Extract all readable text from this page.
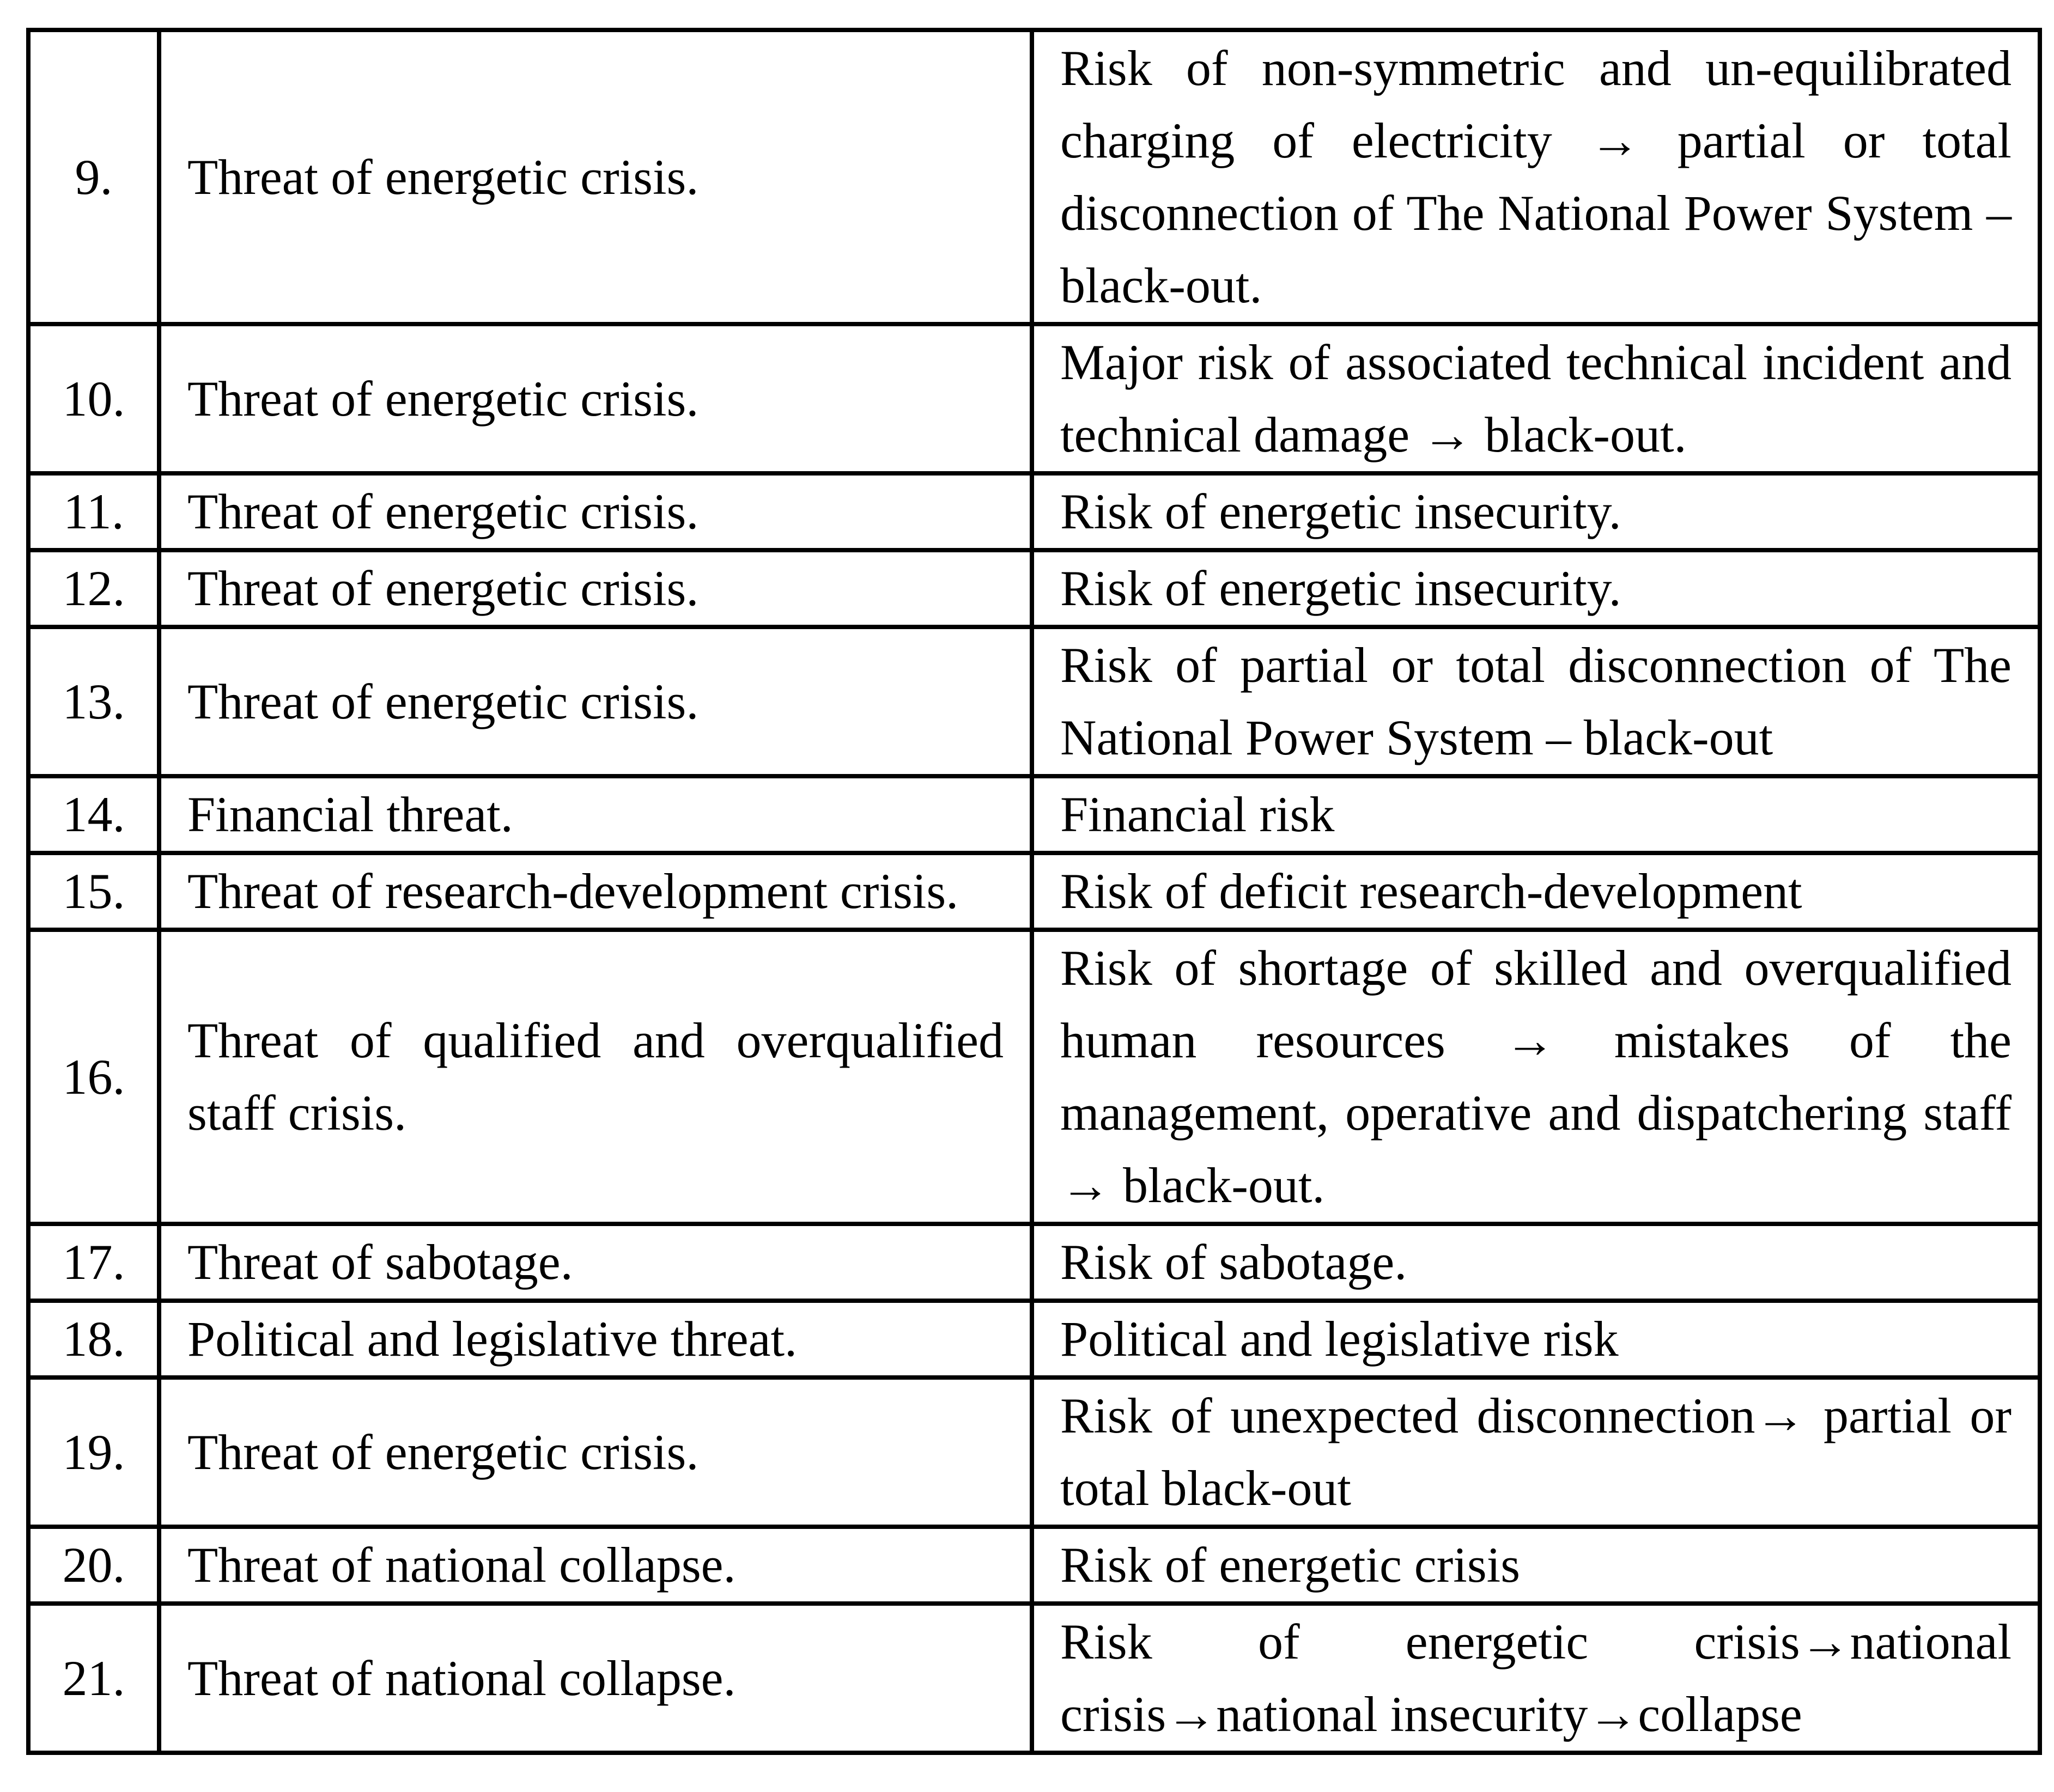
9.	Threat of energetic crisis.	Risk of non-symmetric and un-equilibrated charging of electricity → partial or total disconnection of The National Power System – black-out.
10.	Threat of energetic crisis.	Major risk of associated technical incident and technical damage → black-out.
11.	Threat of energetic crisis.	Risk of energetic insecurity.
12.	Threat of energetic crisis.	Risk of energetic insecurity.
13.	Threat of energetic crisis.	Risk of partial or total disconnection of The National Power System – black-out
14.	Financial threat.	Financial risk
15.	Threat of research-development crisis.	Risk of deficit research-development
16.	Threat of qualified and overqualified staff crisis.	Risk of shortage of skilled and overqualified human resources → mistakes of the management, operative and dispatchering staff → black-out.
17.	Threat of sabotage.	Risk of sabotage.
18.	Political and legislative threat.	Political and legislative risk
19.	Threat of energetic crisis.	Risk of unexpected disconnection→ partial or total black-out
20.	Threat of national collapse.	Risk of energetic crisis
21.	Threat of national collapse.	Risk of energetic crisis→national crisis→national insecurity→collapse
